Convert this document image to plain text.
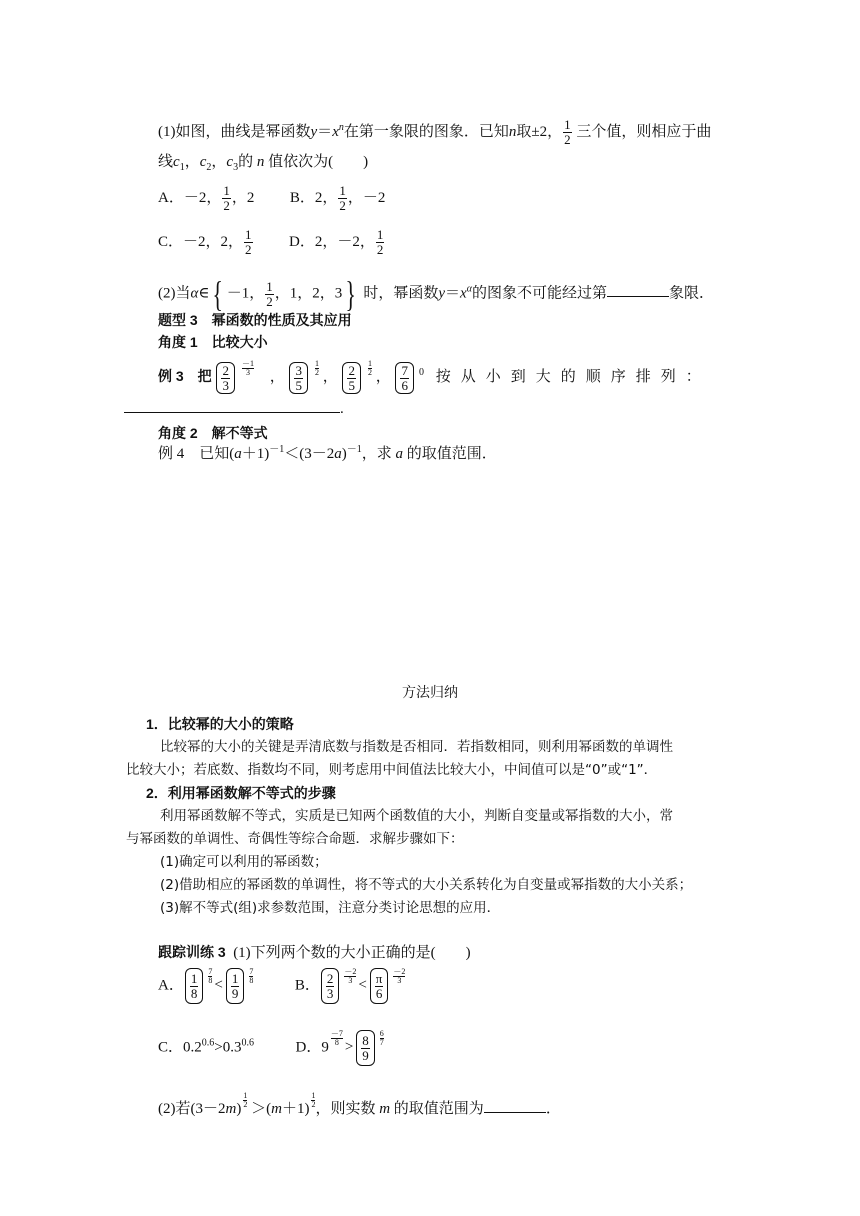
(1)如图，曲线是幂函数$y=x^n$在第一象限的图象．已知n取±2， $\frac{1}{2}$ 三个值，则相应于曲
线$c_1$，$c_2$，$c_3$的 n 值依次为(　　)
A．－2， $\frac{1}{2}$ ，2 B．2， $\frac{1}{2}$ ，－2
C．－2，2， $\frac{1}{2}$ D．2，－2， $\frac{1}{2}$
(2)当α∈{ －1， $\frac{1}{2}$ ，1，2，3} 时，幂函数$y=x^\alpha$的图象不可能经过第	象限．
题型 3　幂函数的性质及其应用
角度 1　比较大小
例 3　把 $\frac{2}{3} \frac{-1}{3}$ ， $\frac{3}{5} \frac{1}{2}$ ， $\frac{2}{5} \frac{1}{2}$ ， $\frac{7}{6} ^0$ 按从小到大的顺序排列：
.
角度 2　解不等式
例 4　已知$(a+1)^{-1}<(3-2a)^{-1}$，求 a 的取值范围．
方法归纳
1．比较幂的大小的策略
比较幂的大小的关键是弄清底数与指数是否相同．若指数相同，则利用幂函数的单调性
比较大小；若底数、指数均不同，则考虑用中间值法比较大小，中间值可以是“0”或“1”．
2．利用幂函数解不等式的步骤
利用幂函数解不等式，实质是已知两个函数值的大小，判断自变量或幂指数的大小，常
与幂函数的单调性、奇偶性等综合命题．求解步骤如下：
(1)确定可以利用的幂函数；
(2)借助相应的幂函数的单调性，将不等式的大小关系转化为自变量或幂指数的大小关系；
(3)解不等式(组)求参数范围，注意分类讨论思想的应用．
跟踪训练 3 (1)下列两个数的大小正确的是(　　)
A． $\frac{1}{8} \frac{7}{8} < \frac{1}{9} \frac{7}{8}$	B． $\frac{2}{3} \frac{-2}{3} < \frac{\pi}{6} \frac{-2}{3}$
C．$0.2^{0.6}>0.3^{0.6}$	D．$9 \frac{-7}{8} > \frac{8}{9} \frac{6}{7}$
(2)若$(3-2m) \frac{1}{2} >(m+1) \frac{1}{2}$ ，则实数 m 的取值范围为	．
